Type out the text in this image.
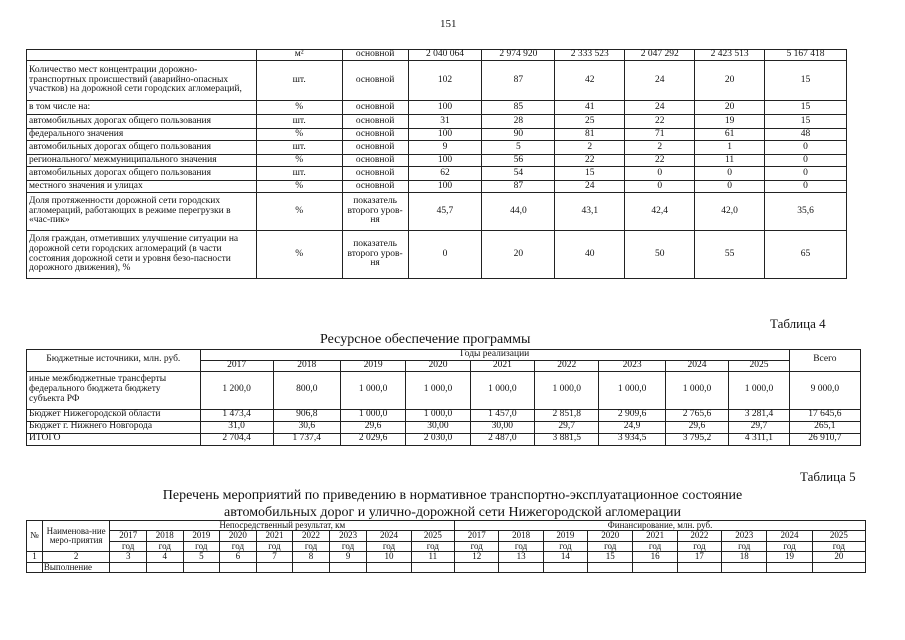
151
	м²	основной	2 040 064	2 974 920	2 333 523	2 047 292	2 423 513	5 167 418
Количество мест концентрации дорожно-транспортных происшествий (аварийно-опасных участков) на дорожной сети городских агломераций,	шт.	основной	102	87	42	24	20	15
в том числе на:	%	основной	100	85	41	24	20	15
автомобильных дорогах общего пользования	шт.	основной	31	28	25	22	19	15
федерального значения	%	основной	100	90	81	71	61	48
автомобильных дорогах общего пользования	шт.	основной	9	5	2	2	1	0
регионального/ межмуниципального значения	%	основной	100	56	22	22	11	0
автомобильных дорогах общего пользования	шт.	основной	62	54	15	0	0	0
местного значения и улицах	%	основной	100	87	24	0	0	0
Доля протяженности дорожной сети городских агломераций, работающих в режиме перегрузки в «час-пик»	%	показатель второго уров-ня	45,7	44,0	43,1	42,4	42,0	35,6
Доля граждан, отметивших улучшение ситуации на дорожной сети городских агломераций (в части состояния дорожной сети и уровня безо-пасности дорожного движения), %	%	показатель второго уров-ня	0	20	40	50	55	65
Таблица 4
Ресурсное обеспечение программы
Бюджетные источники, млн. руб.	Годы реализации									Всего
	2017	2018	2019	2020	2021	2022	2023	2024	2025	
иные межбюджетные трансферты федерального бюджета бюджету субъекта РФ	1 200,0	800,0	1 000,0	1 000,0	1 000,0	1 000,0	1 000,0	1 000,0	1 000,0	9 000,0
Бюджет Нижегородской области	1 473,4	906,8	1 000,0	1 000,0	1 457,0	2 851,8	2 909,6	2 765,6	3 281,4	17 645,6
Бюджет г. Нижнего Новгорода	31,0	30,6	29,6	30,00	30,00	29,7	24,9	29,6	29,7	265,1
ИТОГО	2 704,4	1 737,4	2 029,6	2 030,0	2 487,0	3 881,5	3 934,5	3 795,2	4 311,1	26 910,7
Таблица 5
Перечень мероприятий по приведению в нормативное транспортно-эксплуатационное состояние
автомобильных дорог и улично-дорожной сети Нижегородской агломерации
№	Наименова-ние меро-приятия	Непосредственный результат, км									Финансирование, млн. руб.								
		2017	2018	2019	2020	2021	2022	2023	2024	2025	2017	2018	2019	2020	2021	2022	2023	2024	2025
		год	год	год	год	год	год	год	год	год	год	год	год	год	год	год	год	год	год
1	2	3	4	5	6	7	8	9	10	11	12	13	14	15	16	17	18	19	20
	Выполнение																		
